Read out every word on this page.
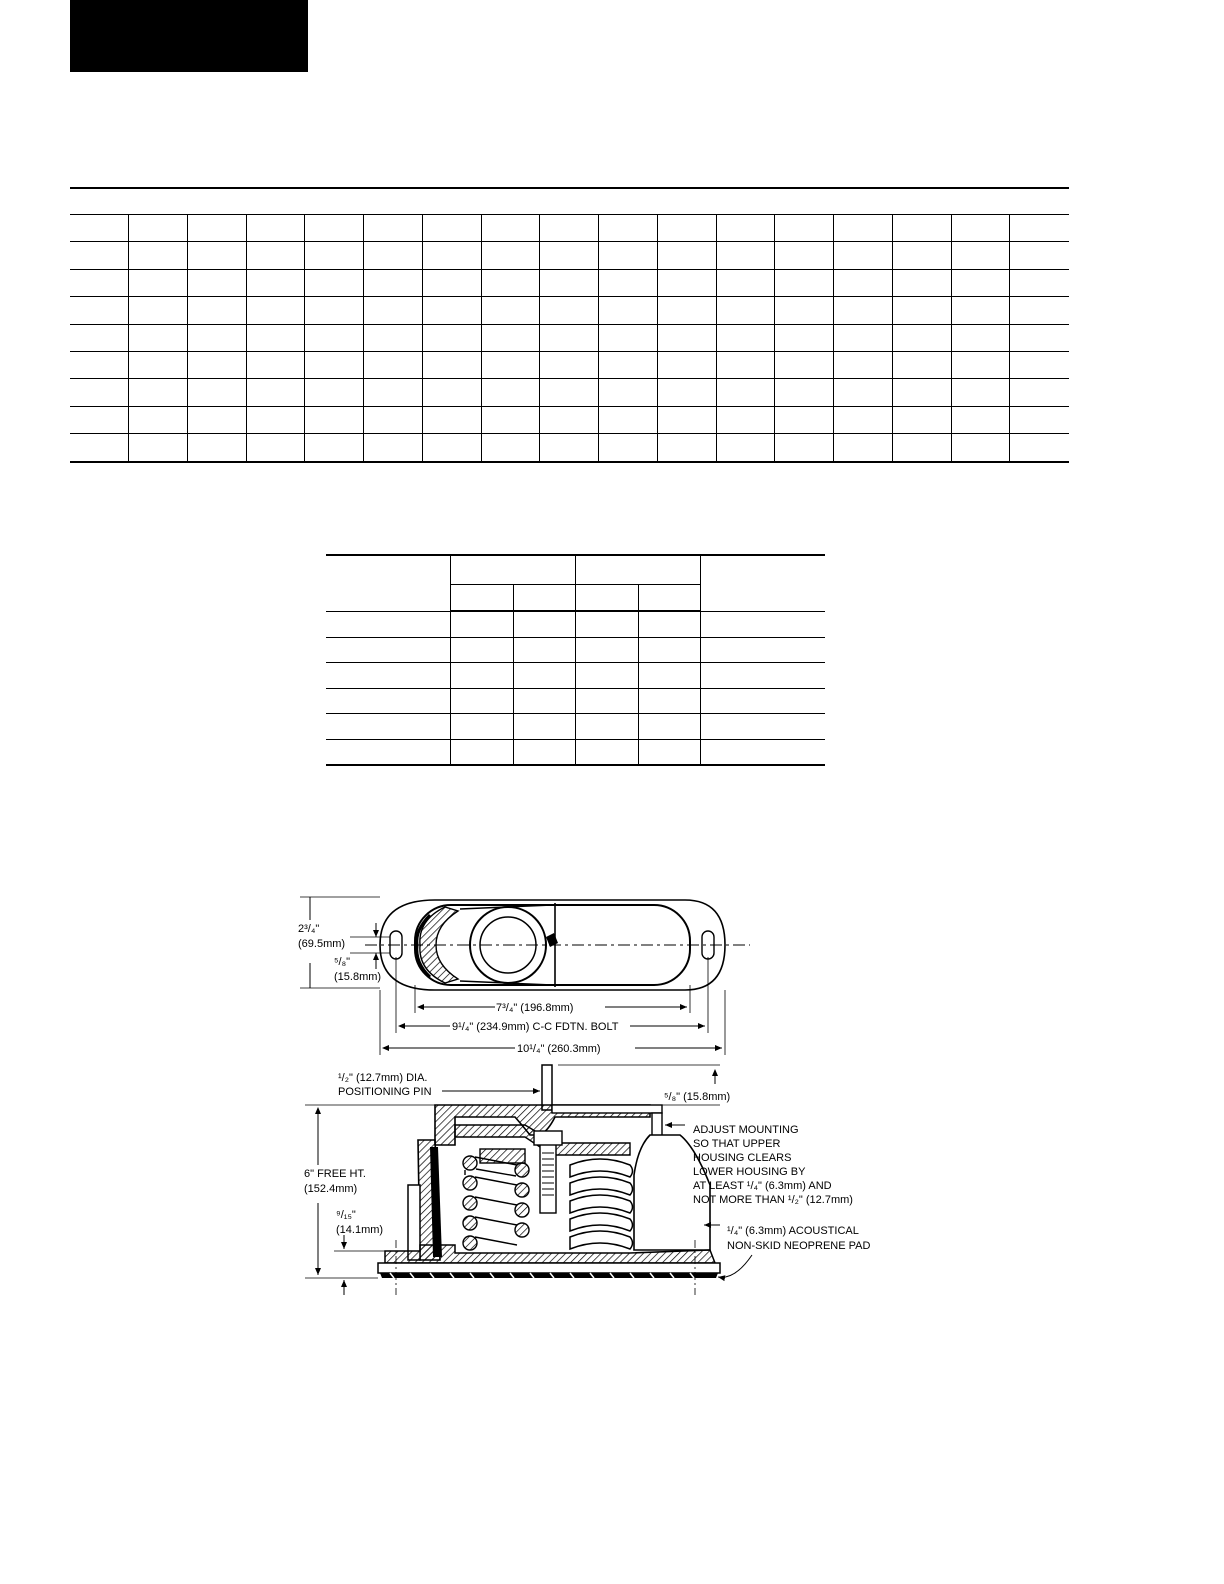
2³/₄"
(69.5mm)
⁵/₈"
(15.8mm)
7³/₄" (196.8mm)
9¹/₄" (234.9mm) C-C FDTN. BOLT
10¹/₄" (260.3mm)
¹/₂" (12.7mm) DIA.
POSITIONING PIN	⁵/₈" (15.8mm)
6" FREE HT.
(152.4mm)
⁹/₁₅"
(14.1mm)
ADJUST MOUNTING
SO THAT UPPER
HOUSING CLEARS
LOWER HOUSING BY
AT LEAST ¹/₄" (6.3mm) AND
NOT MORE THAN ¹/₂" (12.7mm)
¹/₄" (6.3mm) ACOUSTICAL
NON-SKID NEOPRENE PAD
